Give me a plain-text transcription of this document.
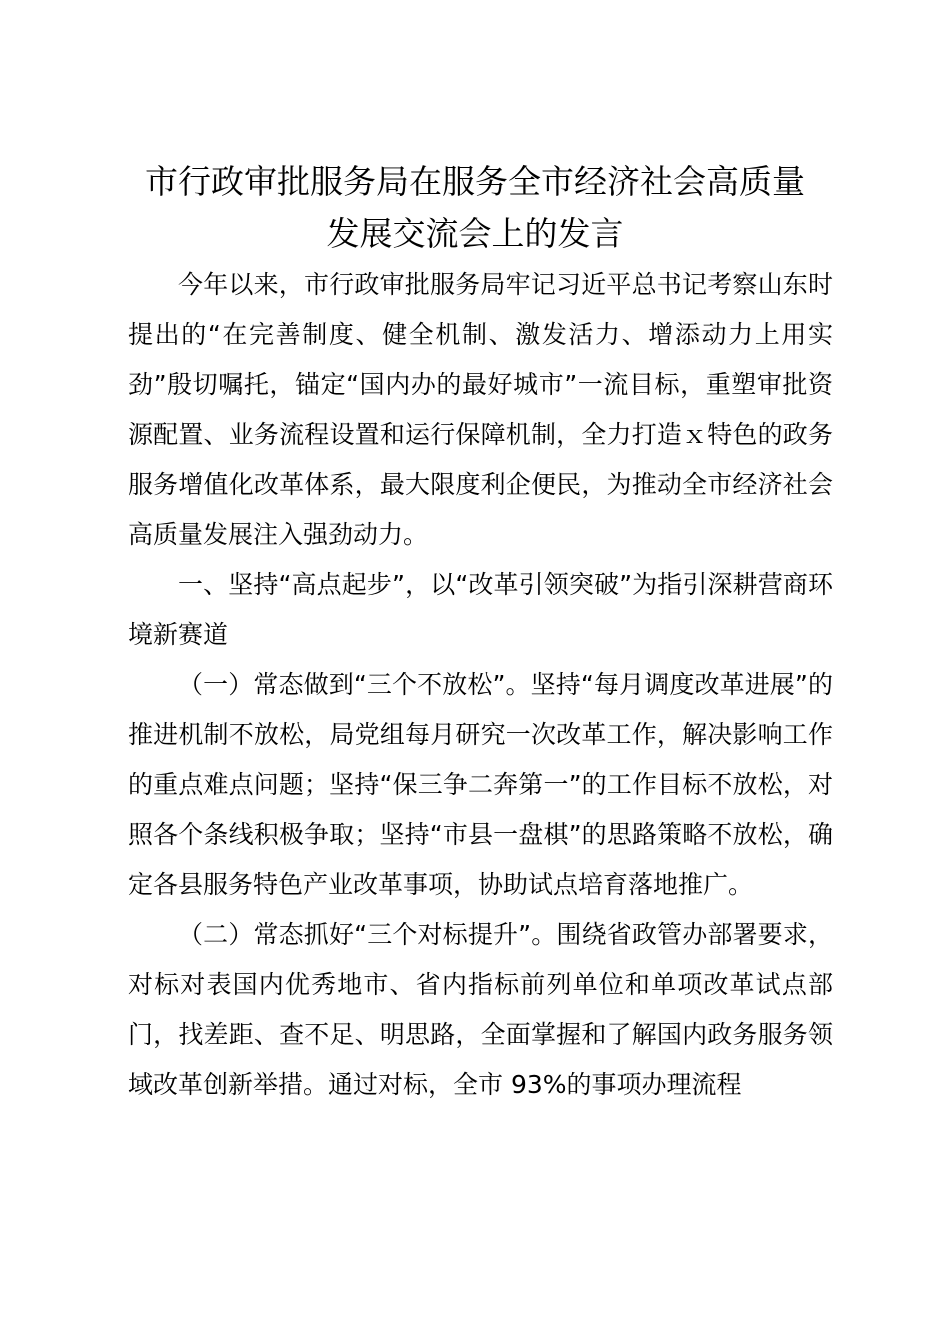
市行政审批服务局在服务全市经济社会高质量
发展交流会上的发言

今年以来，市行政审批服务局牢记习近平总书记考察山东时提出的“在完善制度、健全机制、激发活力、增添动力上用实劲”殷切嘱托，锚定“国内办的最好城市”一流目标，重塑审批资源配置、业务流程设置和运行保障机制，全力打造ｘ特色的政务服务增值化改革体系，最大限度利企便民，为推动全市经济社会高质量发展注入强劲动力。

一、坚持“高点起步”，以“改革引领突破”为指引深耕营商环境新赛道

（一）常态做到“三个不放松”。坚持“每月调度改革进展”的推进机制不放松，局党组每月研究一次改革工作，解决影响工作的重点难点问题；坚持“保三争二奔第一”的工作目标不放松，对照各个条线积极争取；坚持“市县一盘棋”的思路策略不放松，确定各县服务特色产业改革事项，协助试点培育落地推广。

（二）常态抓好“三个对标提升”。围绕省政管办部署要求，对标对表国内优秀地市、省内指标前列单位和单项改革试点部门，找差距、查不足、明思路，全面掌握和了解国内政务服务领域改革创新举措。通过对标，全市 93%的事项办理流程
